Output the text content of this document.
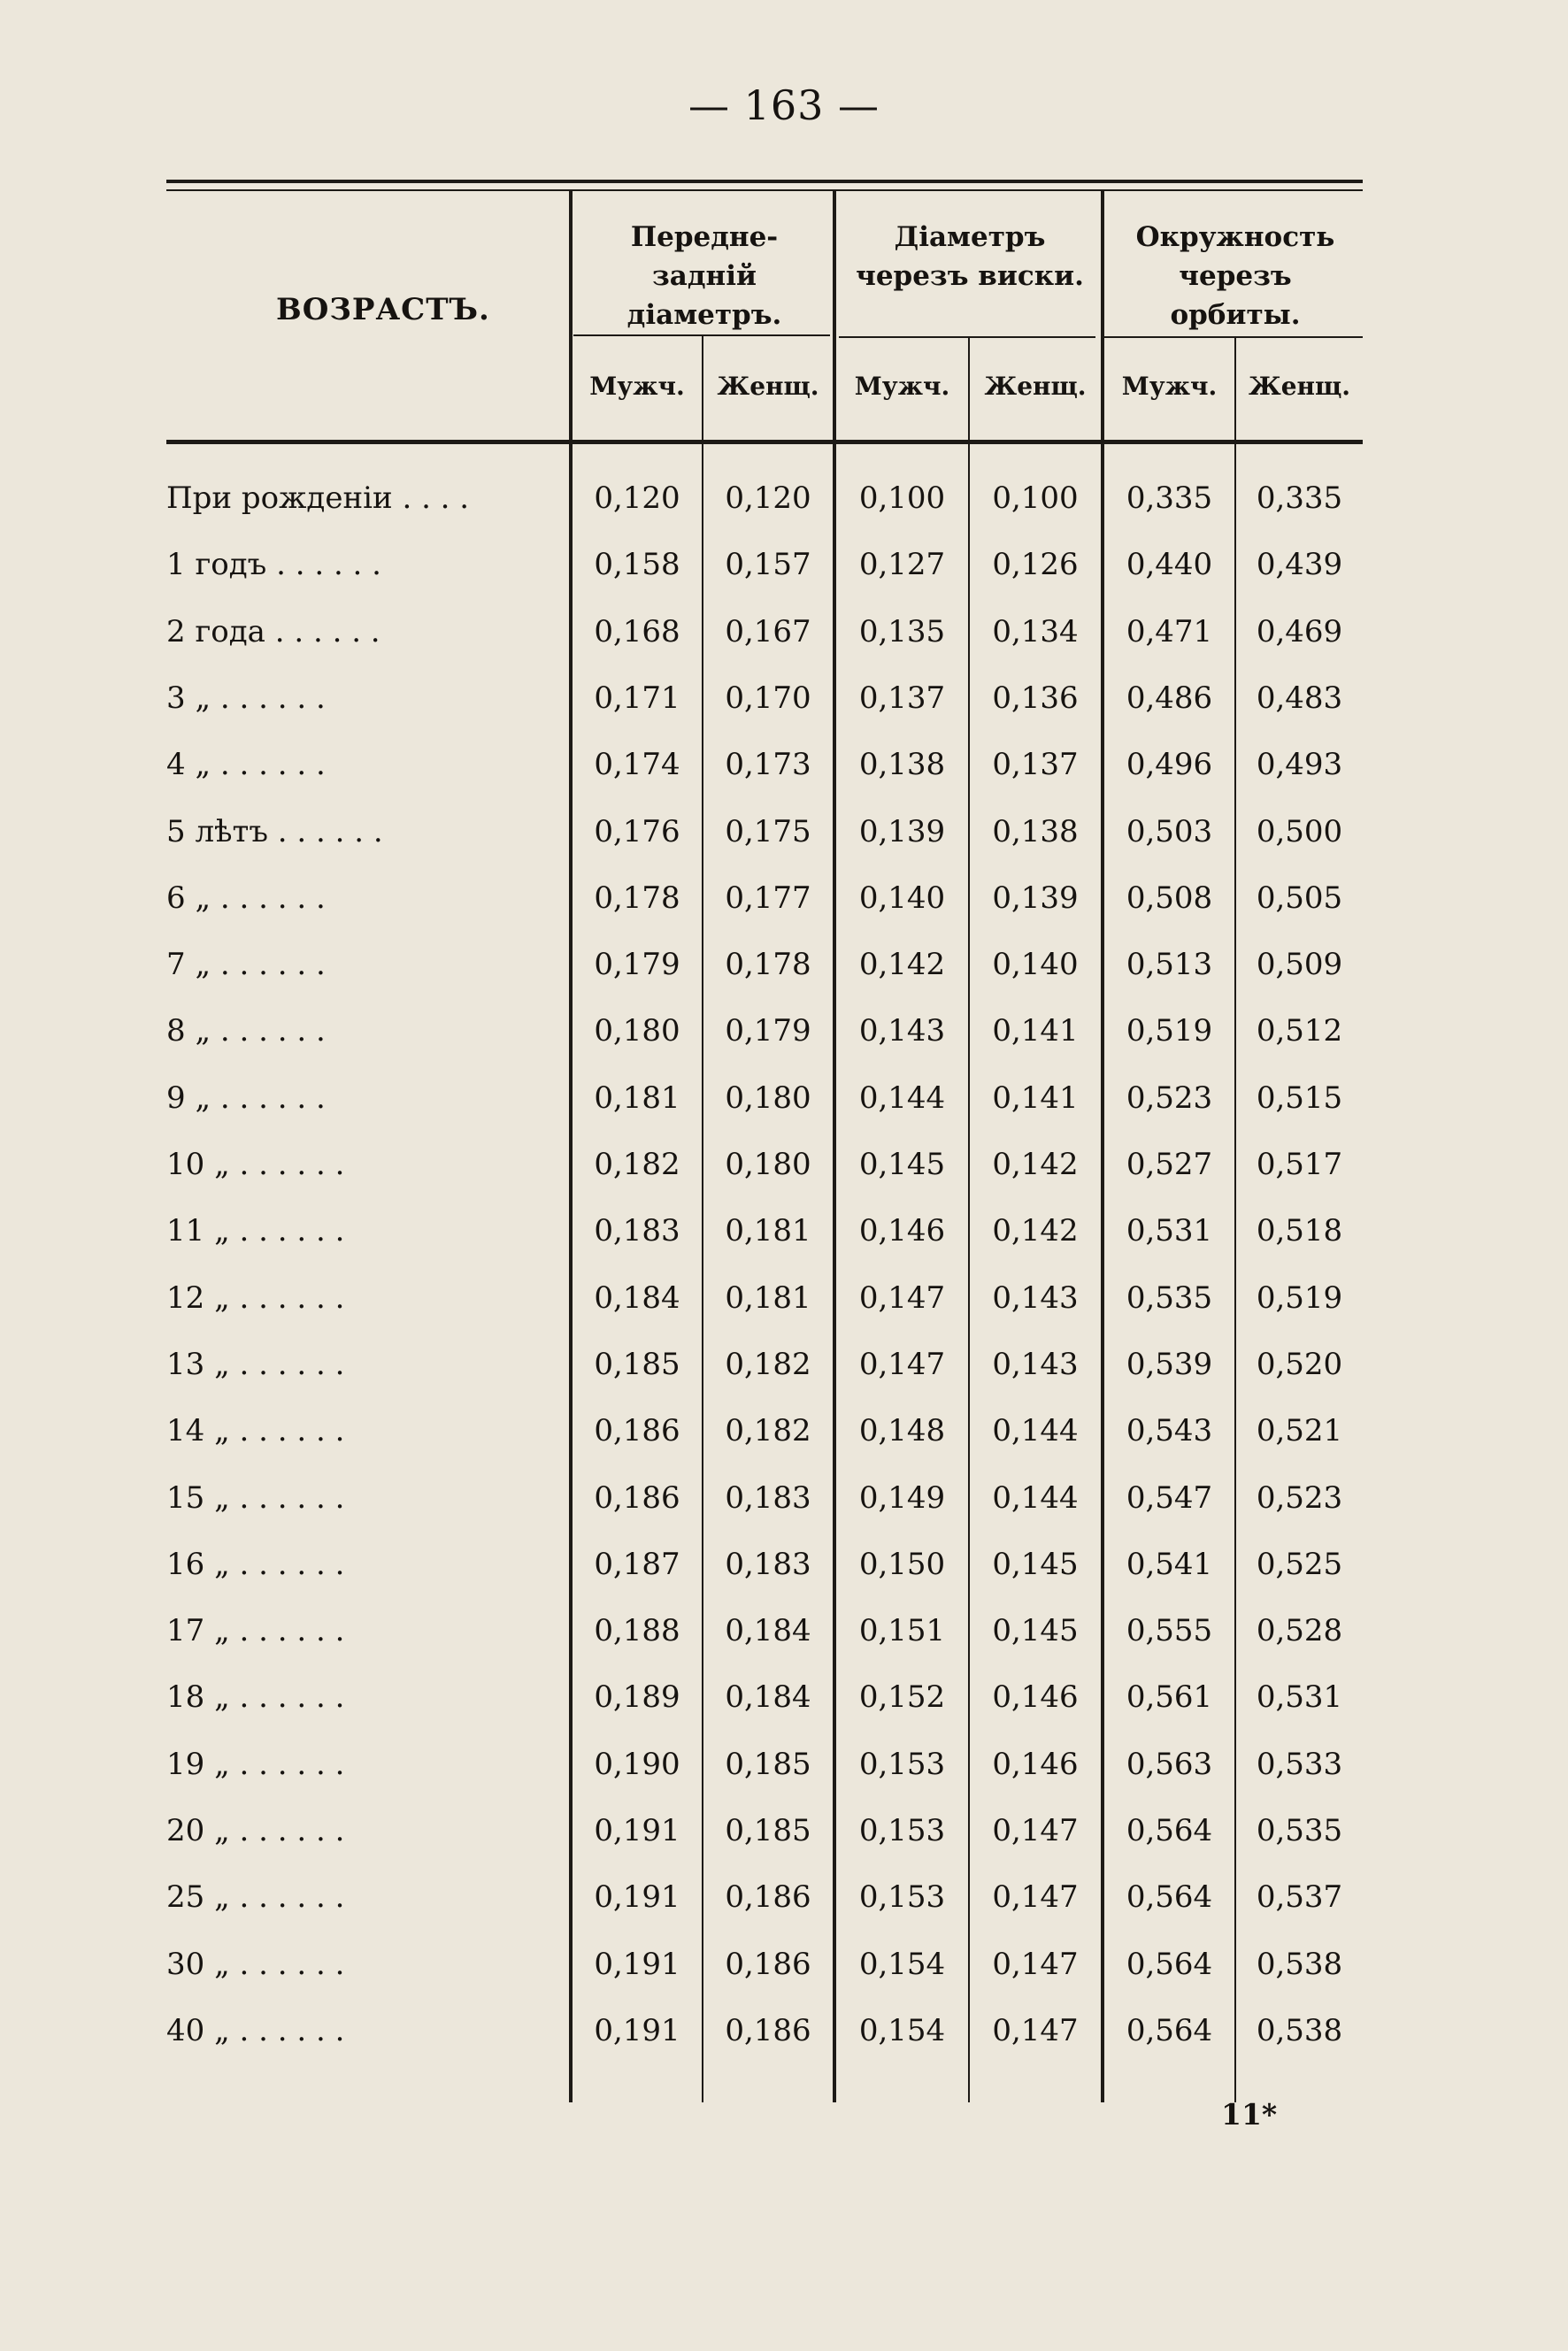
— 163 —
ВОЗРАСТЪ.
Передне-заднiй дiаметръ.
Дiаметръ черезъ виски.
Окружность черезъ орбиты.
Мужч.	Женщ.	Мужч.	Женщ.	Мужч.	Женщ.
При рожденiи . . . .	0,120	0,120	0,100	0,100	0,335	0,335
1 годъ . . . . . .	0,158	0,157	0,127	0,126	0,440	0,439
2 года . . . . . .	0,168	0,167	0,135	0,134	0,471	0,469
3 „ . . . . . .	0,171	0,170	0,137	0,136	0,486	0,483
4 „ . . . . . .	0,174	0,173	0,138	0,137	0,496	0,493
5 лѣтъ . . . . . .	0,176	0,175	0,139	0,138	0,503	0,500
6 „ . . . . . .	0,178	0,177	0,140	0,139	0,508	0,505
7 „ . . . . . .	0,179	0,178	0,142	0,140	0,513	0,509
8 „ . . . . . .	0,180	0,179	0,143	0,141	0,519	0,512
9 „ . . . . . .	0,181	0,180	0,144	0,141	0,523	0,515
10 „ . . . . . .	0,182	0,180	0,145	0,142	0,527	0,517
11 „ . . . . . .	0,183	0,181	0,146	0,142	0,531	0,518
12 „ . . . . . .	0,184	0,181	0,147	0,143	0,535	0,519
13 „ . . . . . .	0,185	0,182	0,147	0,143	0,539	0,520
14 „ . . . . . .	0,186	0,182	0,148	0,144	0,543	0,521
15 „ . . . . . .	0,186	0,183	0,149	0,144	0,547	0,523
16 „ . . . . . .	0,187	0,183	0,150	0,145	0,541	0,525
17 „ . . . . . .	0,188	0,184	0,151	0,145	0,555	0,528
18 „ . . . . . .	0,189	0,184	0,152	0,146	0,561	0,531
19 „ . . . . . .	0,190	0,185	0,153	0,146	0,563	0,533
20 „ . . . . . .	0,191	0,185	0,153	0,147	0,564	0,535
25 „ . . . . . .	0,191	0,186	0,153	0,147	0,564	0,537
30 „ . . . . . .	0,191	0,186	0,154	0,147	0,564	0,538
40 „ . . . . . .	0,191	0,186	0,154	0,147	0,564	0,538
11*
